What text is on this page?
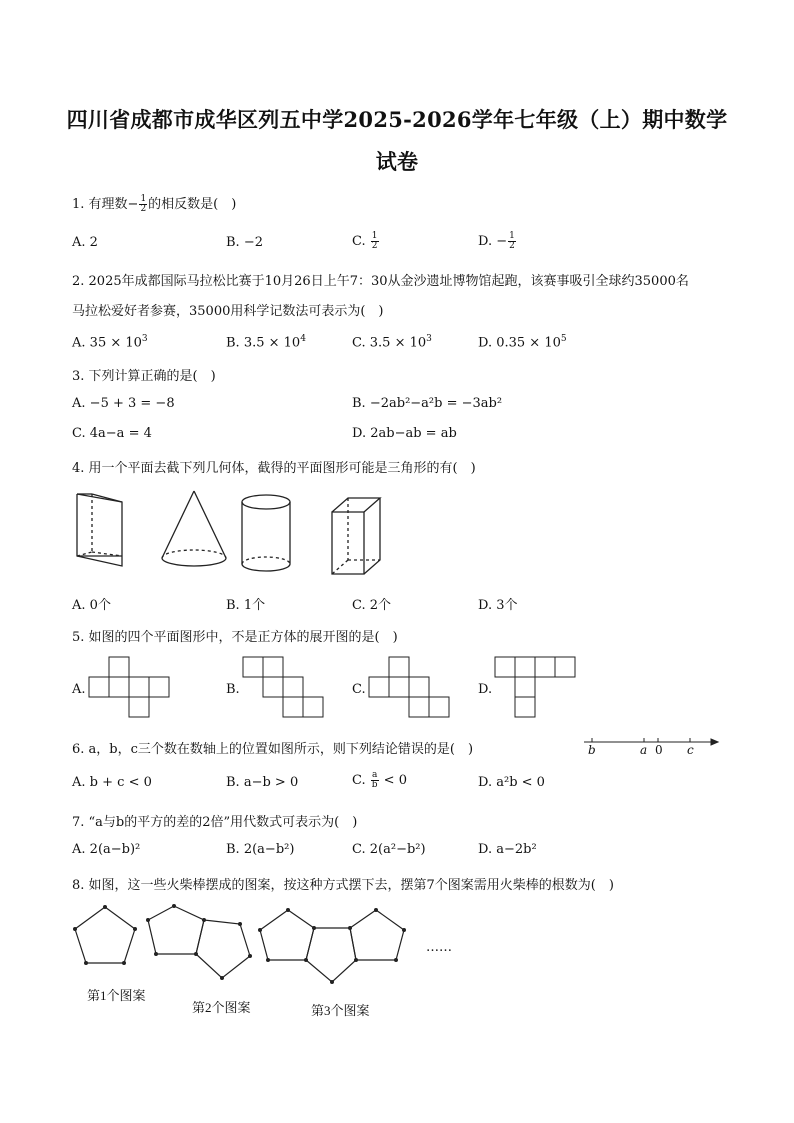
四川省成都市成华区列五中学2025-2026学年七年级（上）期中数学
试卷
1. 有理数− $\frac{1}{2}$ 的相反数是(　)
A. 2	B. −2	C. $\frac{1}{2}$	D. − $\frac{1}{2}$
2. 2025年成都国际马拉松比赛于10月26日上午7：30从金沙遗址博物馆起跑，该赛事吸引全球约35000名
马拉松爱好者参赛，35000用科学记数法可表示为(　)
A. $35 \times 10^3$	B. $3.5 \times 10^4$	C. $3.5 \times 10^3$	D. $0.35 \times 10^5$
3. 下列计算正确的是(　)
A. −5 + 3 = −8	B. −2ab²−a²b = −3ab²
C. 4a−a = 4	D. 2ab−ab = ab
4. 用一个平面去截下列几何体，截得的平面图形可能是三角形的有(　)
A. 0个	B. 1个	C. 2个	D. 3个
5. 如图的四个平面图形中，不是正方体的展开图的是(　)
A.	B.	C.	D.
6. a，b，c三个数在数轴上的位置如图所示，则下列结论错误的是(　)	b	a 0 c
A. b + c < 0	B. a−b > 0	C. $\frac{a}{b} < 0$	D. a²b < 0
7. “a与b的平方的差的2倍”用代数式可表示为(　)
A. 2(a−b)²	B. 2(a−b²)	C. 2(a²−b²)	D. a−2b²
8. 如图，这一些火柴棒摆成的图案，按这种方式摆下去，摆第7个图案需用火柴棒的根数为(　)
第1个图案
第2个图案	第3个图案
……
